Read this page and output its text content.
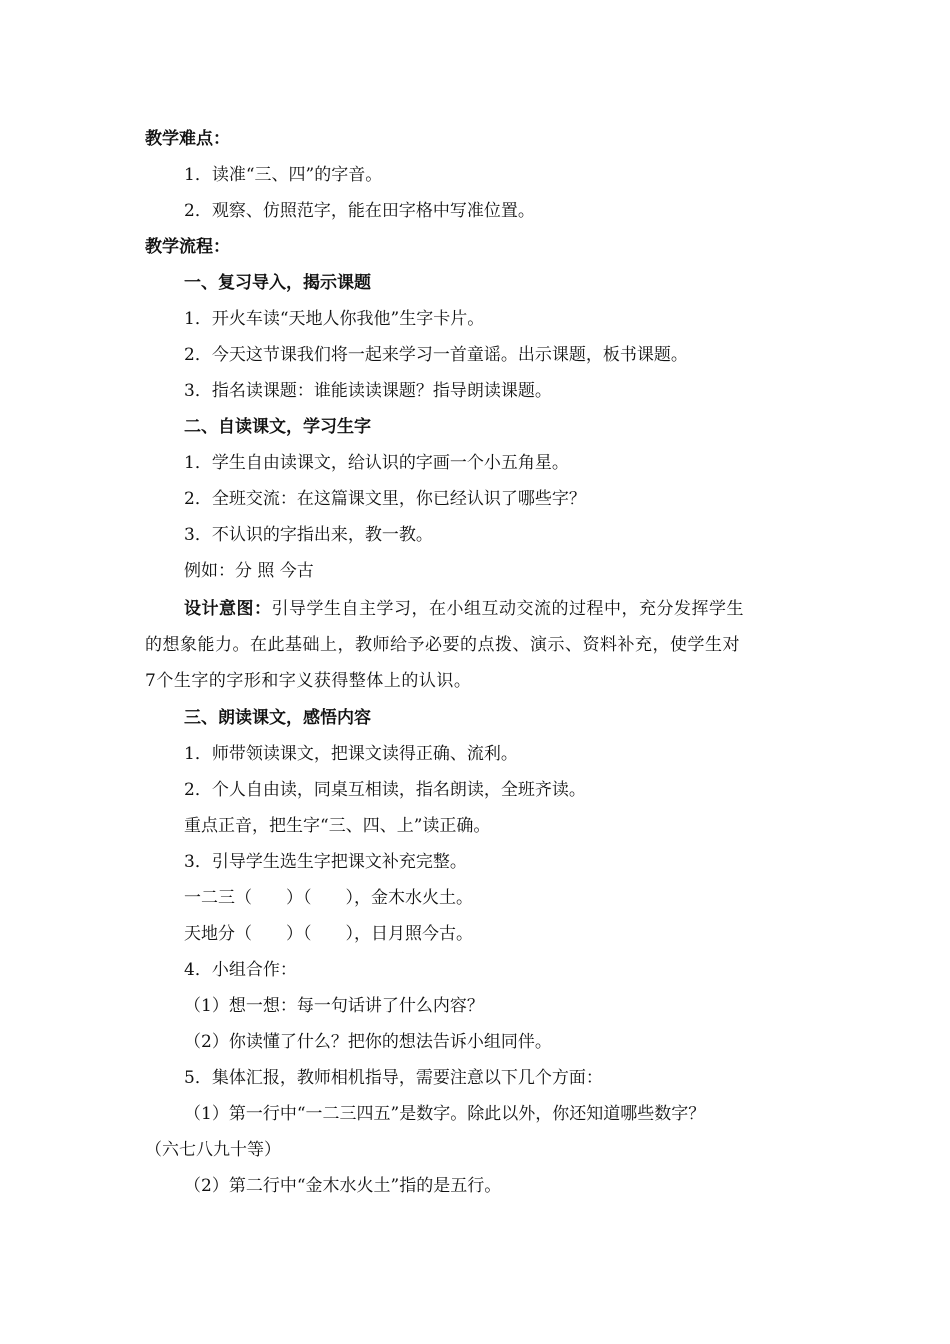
教学难点：
1．读准“三、四”的字音。
2．观察、仿照范字，能在田字格中写准位置。
教学流程：
一、复习导入，揭示课题
1．开火车读“天地人你我他”生字卡片。
2．今天这节课我们将一起来学习一首童谣。出示课题，板书课题。
3．指名读课题：谁能读读课题？指导朗读课题。
二、自读课文，学习生字
1．学生自由读课文，给认识的字画一个小五角星。
2．全班交流：在这篇课文里，你已经认识了哪些字？
3．不认识的字指出来，教一教。
例如：分 照 今古
设计意图：引导学生自主学习，在小组互动交流的过程中，充分发挥学生
的想象能力。在此基础上，教师给予必要的点拨、演示、资料补充，使学生对
7个生字的字形和字义获得整体上的认识。
三、朗读课文，感悟内容
1．师带领读课文，把课文读得正确、流利。
2．个人自由读，同桌互相读，指名朗读，全班齐读。
重点正音，把生字“三、四、上”读正确。
3．引导学生选生字把课文补充完整。
一二三（　　）（　　），金木水火土。
天地分（　　）（　　），日月照今古。
4．小组合作：
（1）想一想：每一句话讲了什么内容？
（2）你读懂了什么？把你的想法告诉小组同伴。
5．集体汇报，教师相机指导，需要注意以下几个方面：
（1）第一行中“一二三四五”是数字。除此以外，你还知道哪些数字？
（六七八九十等）
（2）第二行中“金木水火土”指的是五行。
